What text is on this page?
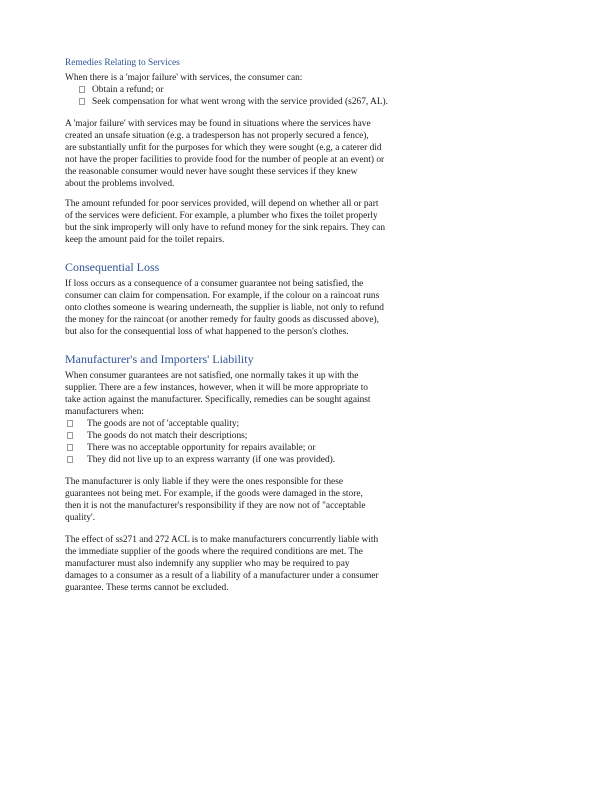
Remedies Relating to Services
When there is a 'major failure' with services, the consumer can:
Obtain a refund; or
Seek compensation for what went wrong with the service provided (s267, AL).
A 'major failure' with services may be found in situations where the services have
created an unsafe situation (e.g. a tradesperson has not properly secured a fence),
are substantially unfit for the purposes for which they were sought (e.g, a caterer did
not have the proper facilities to provide food for the number of people at an event) or
the reasonable consumer would never have sought these services if they knew
about the problems involved.
The amount refunded for poor services provided, will depend on whether all or part
of the services were deficient. For example, a plumber who fixes the toilet properly
but the sink improperly will only have to refund money for the sink repairs. They can
keep the amount paid for the toilet repairs.
Consequential Loss
If loss occurs as a consequence of a consumer guarantee not being satisfied, the
consumer can claim for compensation. For example, if the colour on a raincoat runs
onto clothes someone is wearing underneath, the supplier is liable, not only to refund
the money for the raincoat (or another remedy for faulty goods as discussed above),
but also for the consequential loss of what happened to the person's clothes.
Manufacturer's and Importers' Liability
When consumer guarantees are not satisfied, one normally takes it up with the
supplier. There are a few instances, however, when it will be more appropriate to
take action against the manufacturer. Specifically, remedies can be sought against
manufacturers when:
The goods are not of 'acceptable quality;
The goods do not match their descriptions;
There was no acceptable opportunity for repairs available; or
They did not live up to an express warranty (if one was provided).
The manufacturer is only liable if they were the ones responsible for these
guarantees not being met. For example, if the goods were damaged in the store,
then it is not the manufacturer's responsibility if they are now not of "acceptable
quality'.
The effect of ss271 and 272 ACL is to make manufacturers concurrently liable with
the immediate supplier of the goods where the required conditions are met. The
manufacturer must also indemnify any supplier who may be required to pay
damages to a consumer as a result of a liability of a manufacturer under a consumer
guarantee. These terms cannot be excluded.
